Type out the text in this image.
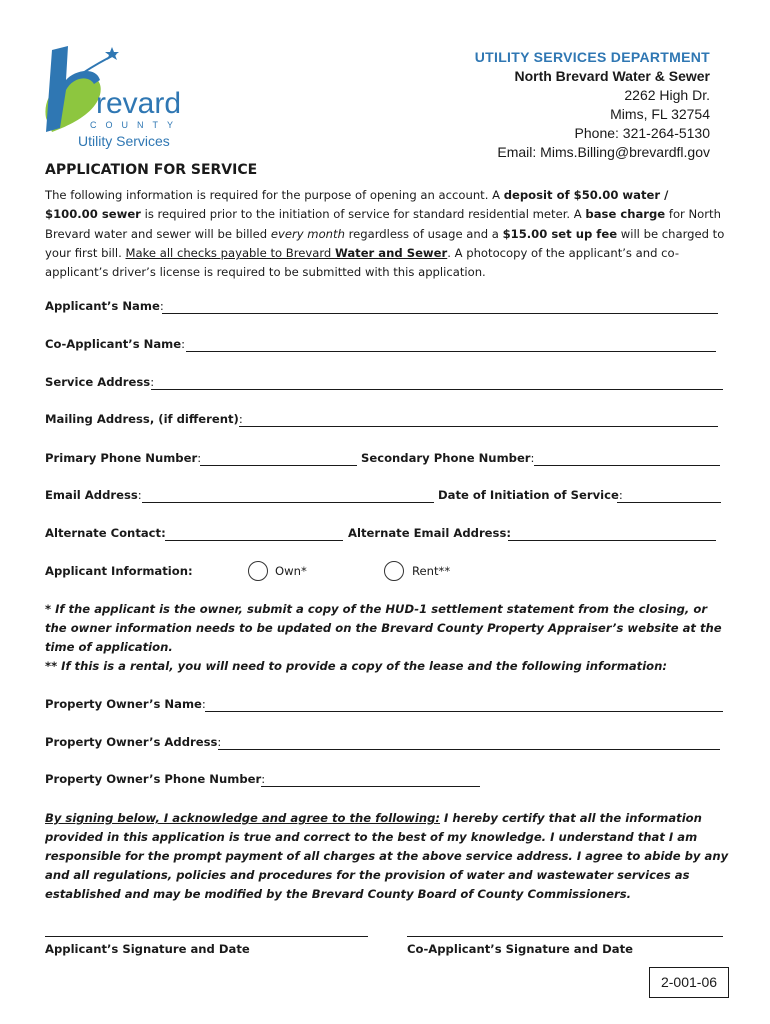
revard
COUNTY
Utility Services
UTILITY SERVICES DEPARTMENT
North Brevard Water & Sewer
2262 High Dr.
Mims, FL 32754
Phone: 321-264-5130
Email: Mims.Billing@brevardfl.gov
APPLICATION FOR SERVICE
The following information is required for the purpose of opening an account. A deposit of $50.00 water / $100.00 sewer is required prior to the initiation of service for standard residential meter. A base charge for North Brevard water and sewer will be billed every month regardless of usage and a $15.00 set up fee will be charged to your first bill. Make all checks payable to Brevard Water and Sewer. A photocopy of the applicant’s and co-applicant’s driver’s license is required to be submitted with this application.
Applicant’s Name:
Co-Applicant’s Name:
Service Address:
Mailing Address, (if different):
Primary Phone Number:	Secondary Phone Number:
Email Address:	Date of Initiation of Service:
Alternate Contact:	Alternate Email Address:
Applicant Information:	Own*	Rent**
* If the applicant is the owner, submit a copy of the HUD-1 settlement statement from the closing, or the owner information needs to be updated on the Brevard County Property Appraiser’s website at the time of application.
** If this is a rental, you will need to provide a copy of the lease and the following information:
Property Owner’s Name:
Property Owner’s Address:
Property Owner’s Phone Number:
By signing below, I acknowledge and agree to the following: I hereby certify that all the information provided in this application is true and correct to the best of my knowledge. I understand that I am responsible for the prompt payment of all charges at the above service address. I agree to abide by any and all regulations, policies and procedures for the provision of water and wastewater services as established and may be modified by the Brevard County Board of County Commissioners.
Applicant’s Signature and Date	Co-Applicant’s Signature and Date
2-001-06
